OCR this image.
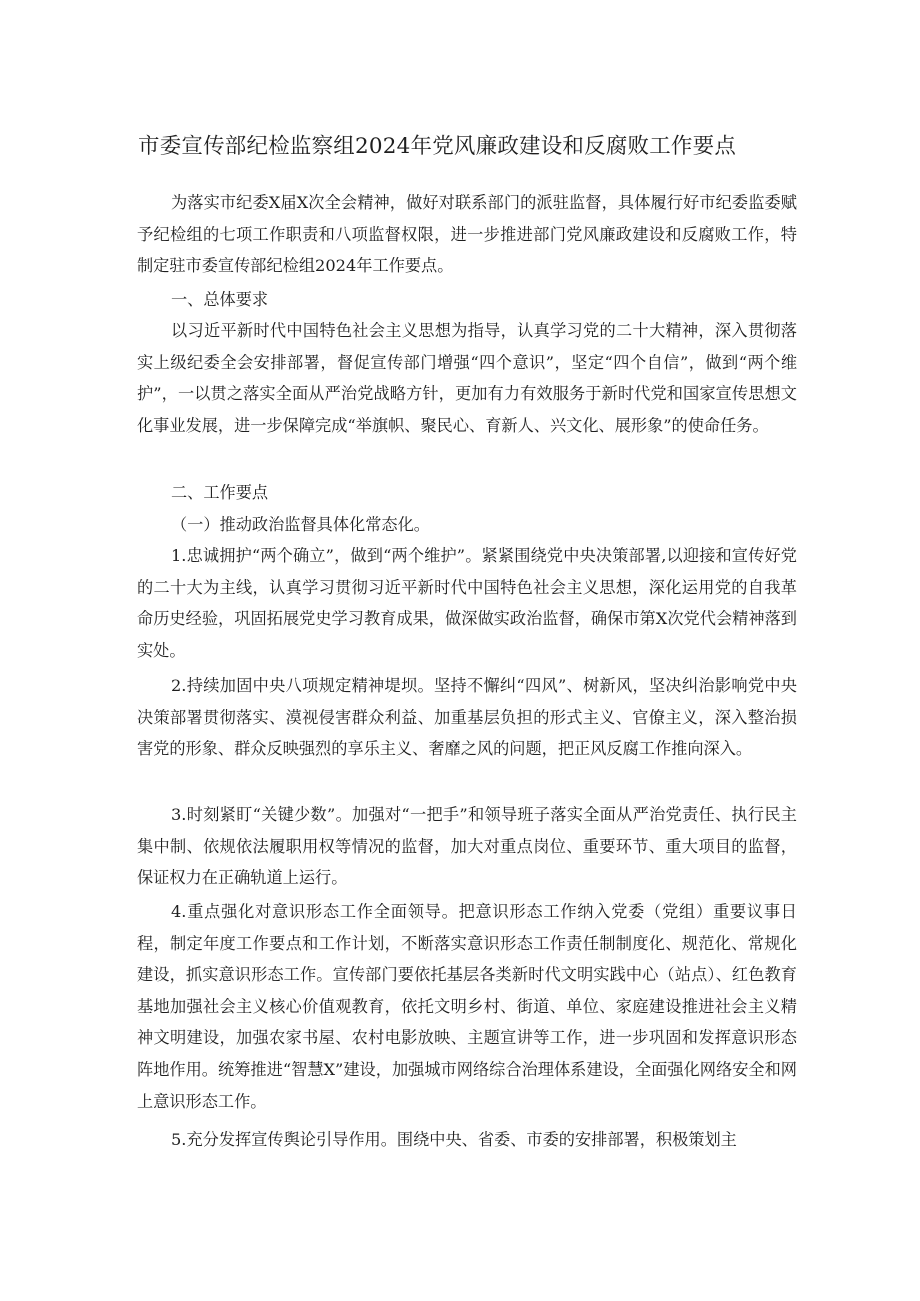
市委宣传部纪检监察组2024年党风廉政建设和反腐败工作要点

为落实市纪委X届X次全会精神，做好对联系部门的派驻监督，具体履行好市纪委监委赋予纪检组的七项工作职责和八项监督权限，进一步推进部门党风廉政建设和反腐败工作，特制定驻市委宣传部纪检组2024年工作要点。

一、总体要求

以习近平新时代中国特色社会主义思想为指导，认真学习党的二十大精神，深入贯彻落实上级纪委全会安排部署，督促宣传部门增强“四个意识”，坚定“四个自信”，做到“两个维护”，一以贯之落实全面从严治党战略方针，更加有力有效服务于新时代党和国家宣传思想文化事业发展，进一步保障完成“举旗帜、聚民心、育新人、兴文化、展形象”的使命任务。

二、工作要点

（一）推动政治监督具体化常态化。

1.忠诚拥护“两个确立”，做到“两个维护”。紧紧围绕党中央决策部署,以迎接和宣传好党的二十大为主线，认真学习贯彻习近平新时代中国特色社会主义思想，深化运用党的自我革命历史经验，巩固拓展党史学习教育成果，做深做实政治监督，确保市第X次党代会精神落到实处。

2.持续加固中央八项规定精神堤坝。坚持不懈纠“四风”、树新风，坚决纠治影响党中央决策部署贯彻落实、漠视侵害群众利益、加重基层负担的形式主义、官僚主义，深入整治损害党的形象、群众反映强烈的享乐主义、奢靡之风的问题，把正风反腐工作推向深入。

3.时刻紧盯“关键少数”。加强对“一把手”和领导班子落实全面从严治党责任、执行民主集中制、依规依法履职用权等情况的监督，加大对重点岗位、重要环节、重大项目的监督，保证权力在正确轨道上运行。

4.重点强化对意识形态工作全面领导。把意识形态工作纳入党委（党组）重要议事日程，制定年度工作要点和工作计划，不断落实意识形态工作责任制制度化、规范化、常规化建设，抓实意识形态工作。宣传部门要依托基层各类新时代文明实践中心（站点）、红色教育基地加强社会主义核心价值观教育，依托文明乡村、街道、单位、家庭建设推进社会主义精神文明建设，加强农家书屋、农村电影放映、主题宣讲等工作，进一步巩固和发挥意识形态阵地作用。统筹推进“智慧X”建设，加强城市网络综合治理体系建设，全面强化网络安全和网上意识形态工作。

5.充分发挥宣传舆论引导作用。围绕中央、省委、市委的安排部署，积极策划主
